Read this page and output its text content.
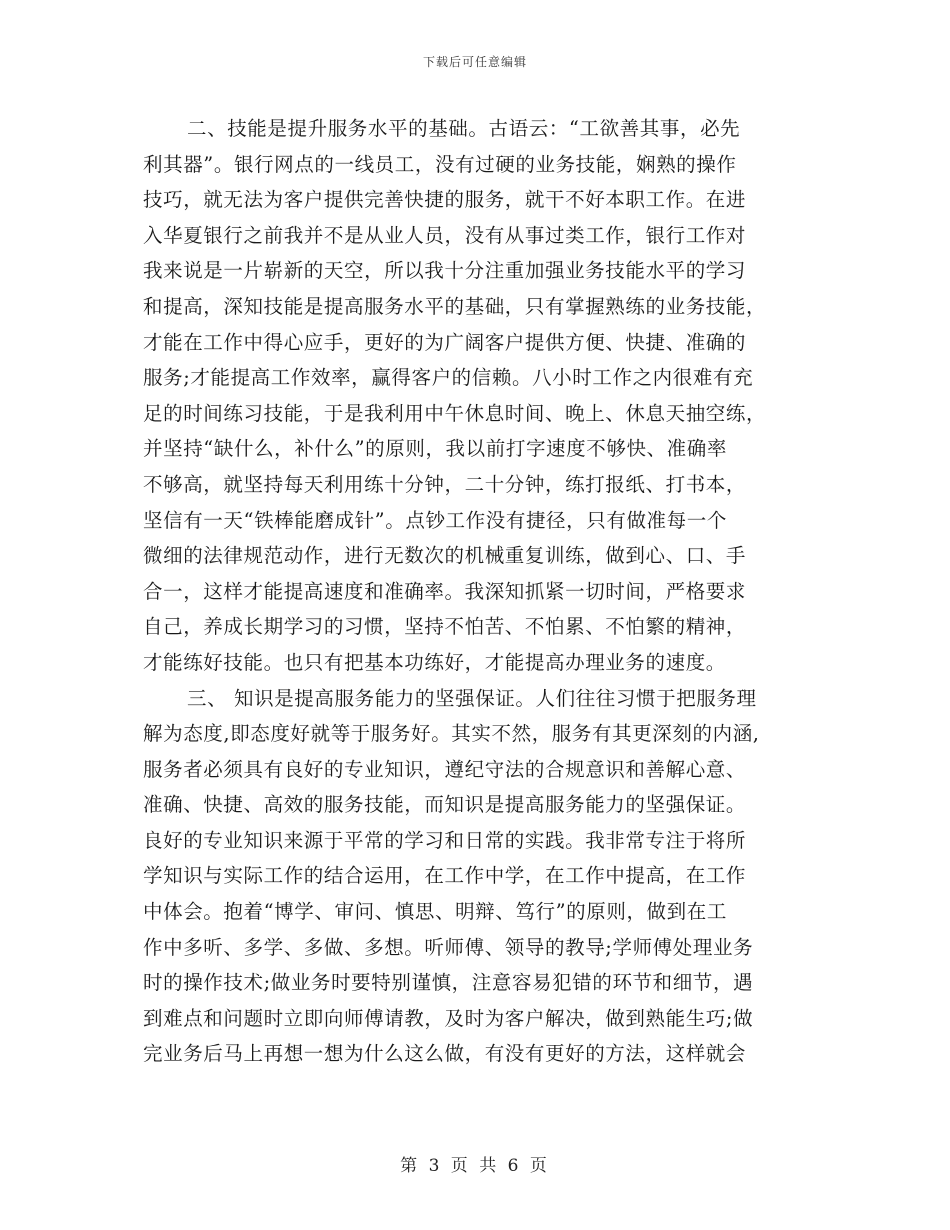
下载后可任意编辑
二、技能是提升服务水平的基础。古语云：“工欲善其事，必先
利其器”。银行网点的一线员工，没有过硬的业务技能，娴熟的操作
技巧，就无法为客户提供完善快捷的服务，就干不好本职工作。在进
入华夏银行之前我并不是从业人员，没有从事过类工作，银行工作对
我来说是一片崭新的天空，所以我十分注重加强业务技能水平的学习
和提高，深知技能是提高服务水平的基础，只有掌握熟练的业务技能，
才能在工作中得心应手，更好的为广阔客户提供方便、快捷、准确的
服务;才能提高工作效率，赢得客户的信赖。八小时工作之内很难有充
足的时间练习技能，于是我利用中午休息时间、晚上、休息天抽空练，
并坚持“缺什么，补什么”的原则，我以前打字速度不够快、准确率
不够高，就坚持每天利用练十分钟，二十分钟，练打报纸、打书本，
坚信有一天“铁棒能磨成针”。点钞工作没有捷径，只有做准每一个
微细的法律规范动作，进行无数次的机械重复训练，做到心、口、手
合一，这样才能提高速度和准确率。我深知抓紧一切时间，严格要求
自己，养成长期学习的习惯，坚持不怕苦、不怕累、不怕繁的精神，
才能练好技能。也只有把基本功练好，才能提高办理业务的速度。
三、 知识是提高服务能力的坚强保证。人们往往习惯于把服务理
解为态度,即态度好就等于服务好。其实不然，服务有其更深刻的内涵,
服务者必须具有良好的专业知识，遵纪守法的合规意识和善解心意、
准确、快捷、高效的服务技能，而知识是提高服务能力的坚强保证。
良好的专业知识来源于平常的学习和日常的实践。我非常专注于将所
学知识与实际工作的结合运用，在工作中学，在工作中提高，在工作
中体会。抱着“博学、审问、慎思、明辩、笃行”的原则，做到在工
作中多听、多学、多做、多想。听师傅、领导的教导;学师傅处理业务
时的操作技术;做业务时要特别谨慎，注意容易犯错的环节和细节，遇
到难点和问题时立即向师傅请教，及时为客户解决，做到熟能生巧;做
完业务后马上再想一想为什么这么做，有没有更好的方法，这样就会
第 3 页 共 6 页
